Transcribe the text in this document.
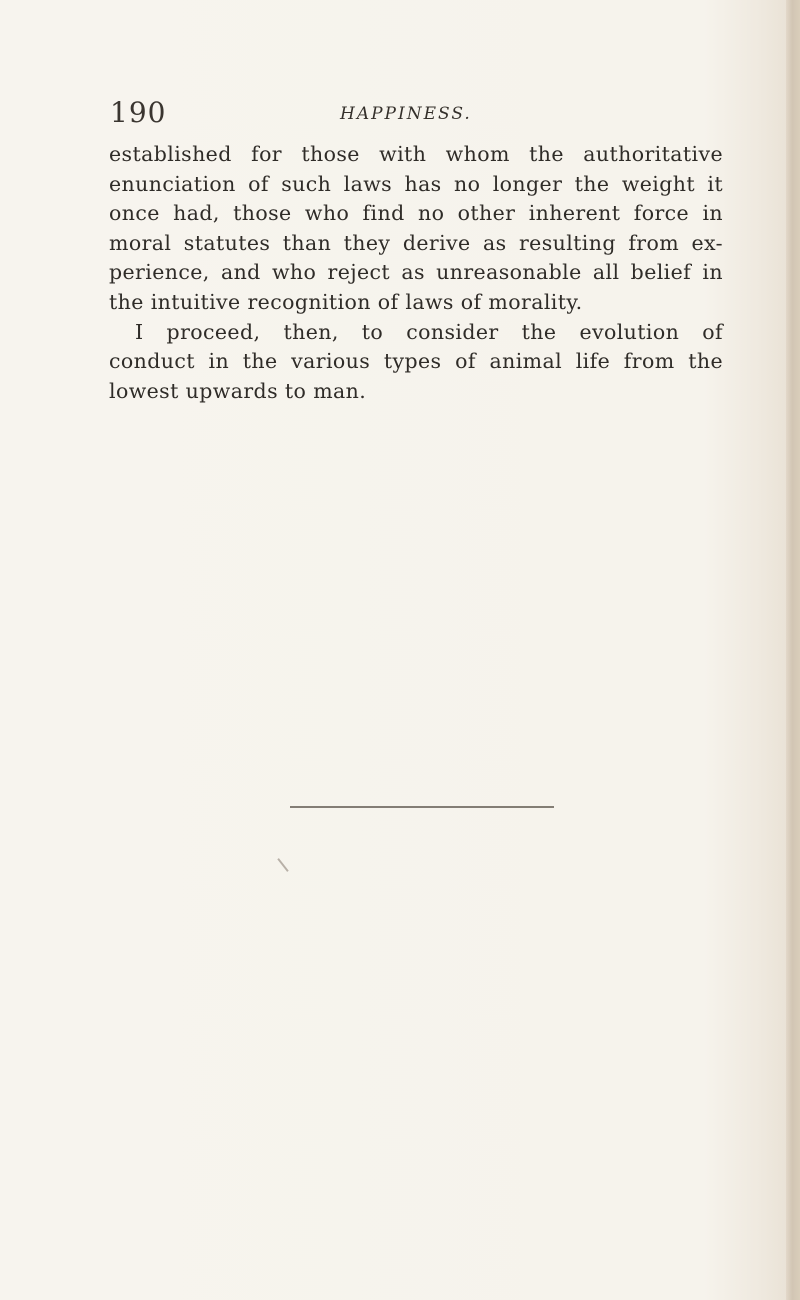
190	HAPPINESS.
established for those with whom the authoritative
enunciation of such laws has no longer the weight it
once had, those who find no other inherent force in
moral statutes than they derive as resulting from ex-
perience, and who reject as unreasonable all belief in
the intuitive recognition of laws of morality.
I proceed, then, to consider the evolution of
conduct in the various types of animal life from the
lowest upwards to man.
